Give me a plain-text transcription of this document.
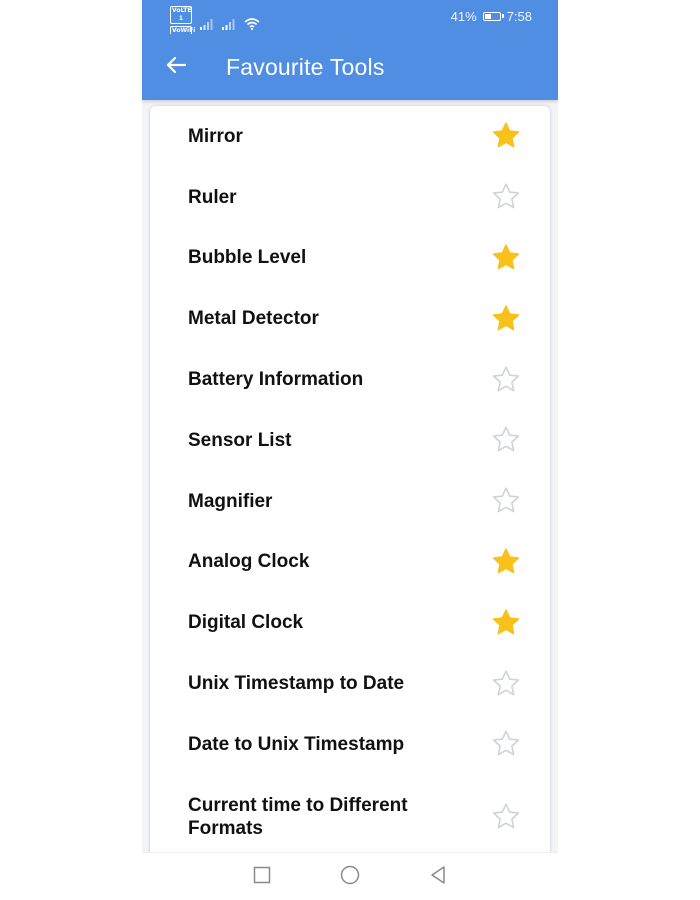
VoLTE 1
VoWiFi
41% 7:58
Favourite Tools
Mirror
Ruler
Bubble Level
Metal Detector
Battery Information
Sensor List
Magnifier
Analog Clock
Digital Clock
Unix Timestamp to Date
Date to Unix Timestamp
Current time to Different Formats
